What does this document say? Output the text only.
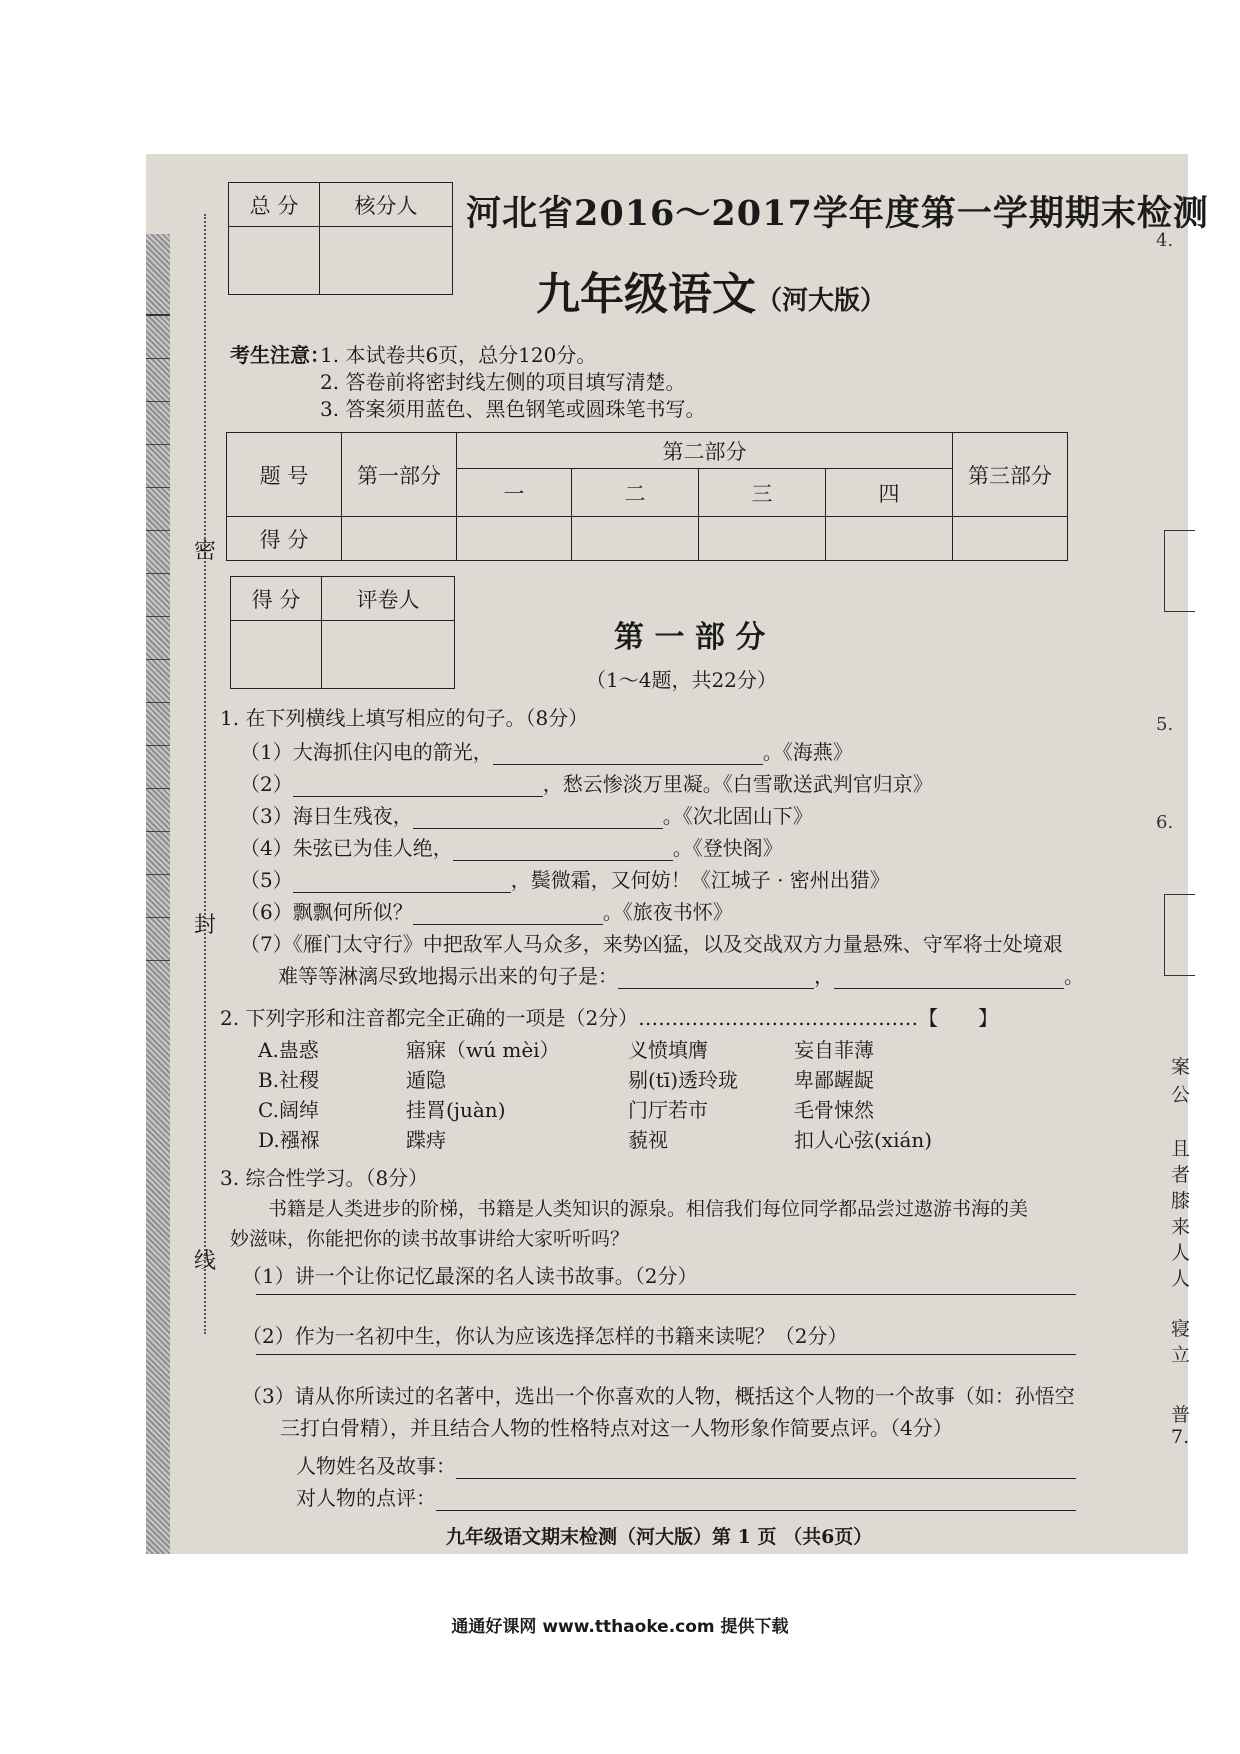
密
封
线
总 分	核分人
	河北省2016～2017学年度第一学期期末检测
九年级语文（河大版）
考生注意：
1. 本试卷共6页，总分120分。
2. 答卷前将密封线左侧的项目填写清楚。
3. 答案须用蓝色、黑色钢笔或圆珠笔书写。
题 号	第一部分	第二部分				第三部分
		一	二	三	四	
得 分						
得 分	评卷人

第 一 部 分
（1～4题，共22分）
1. 在下列横线上填写相应的句子。（8分）
（1）大海抓住闪电的箭光，	。《海燕》
（2）	，愁云惨淡万里凝。《白雪歌送武判官归京》
（3）海日生残夜，	。《次北固山下》
（4）朱弦已为佳人绝，	。《登快阁》
（5）	，鬓微霜，又何妨！《江城子 · 密州出猎》
（6）飘飘何所似？	。《旅夜书怀》
（7）《雁门太守行》中把敌军人马众多，来势凶猛，以及交战双方力量悬殊、守军将士处境艰
难等等淋漓尽致地揭示出来的句子是：	，	。
2. 下列字形和注音都完全正确的一项是（2分）……………………………………【　　】
A.蛊惑	寤寐（wú mèi）	义愤填膺	妄自菲薄
B.社稷	遁隐	剔(tī)透玲珑	卑鄙龌龊
C.阔绰	挂罥(juàn)	门厅若市	毛骨悚然
D.襁褓	蹀痔	藐视	扣人心弦(xián)
3. 综合性学习。（8分）
书籍是人类进步的阶梯，书籍是人类知识的源泉。相信我们每位同学都品尝过遨游书海的美
妙滋味，你能把你的读书故事讲给大家听听吗？
（1）讲一个让你记忆最深的名人读书故事。（2分）
（2）作为一名初中生，你认为应该选择怎样的书籍来读呢？（2分）
（3）请从你所读过的名著中，选出一个你喜欢的人物，概括这个人物的一个故事（如：孙悟空
三打白骨精），并且结合人物的性格特点对这一人物形象作简要点评。（4分）
人物姓名及故事：
对人物的点评：
九年级语文期末检测（河大版）第 1 页 （共6页）
4.
5.
6.
案
公
且
者
膝
来
人
人
寝
立
普
7.
通通好课网 www.tthaoke.com 提供下载
